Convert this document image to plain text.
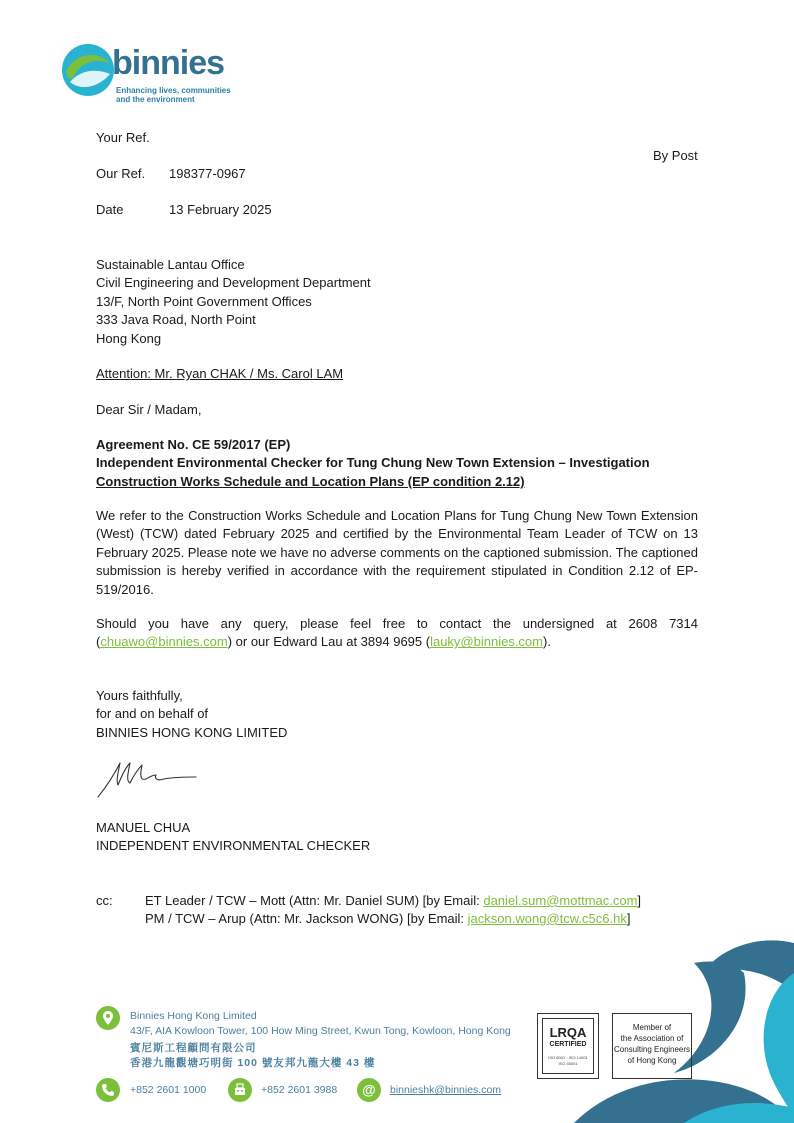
binnies
Enhancing lives, communities
and the environment
Your Ref.
By Post
Our Ref. 198377-0967
Date	13 February 2025
Sustainable Lantau Office
Civil Engineering and Development Department
13/F, North Point Government Offices
333 Java Road, North Point
Hong Kong
Attention: Mr. Ryan CHAK / Ms. Carol LAM
Dear Sir / Madam,
Agreement No. CE 59/2017 (EP)
Independent Environmental Checker for Tung Chung New Town Extension – Investigation
Construction Works Schedule and Location Plans (EP condition 2.12)

We refer to the Construction Works Schedule and Location Plans for Tung Chung New Town Extension (West) (TCW) dated February 2025 and certified by the Environmental Team Leader of TCW on 13 February 2025. Please note we have no adverse comments on the captioned submission. The captioned submission is hereby verified in accordance with the requirement stipulated in Condition 2.12 of EP-519/2016.

Should you have any query, please feel free to contact the undersigned at 2608 7314 (chuawo@binnies.com) or our Edward Lau at 3894 9695 (lauky@binnies.com).

Yours faithfully,
for and on behalf of
BINNIES HONG KONG LIMITED
MANUEL CHUA
INDEPENDENT ENVIRONMENTAL CHECKER
cc: ET Leader / TCW – Mott (Attn: Mr. Daniel SUM) [by Email: daniel.sum@mottmac.com]
PM / TCW – Arup (Attn: Mr. Jackson WONG) [by Email: jackson.wong@tcw.c5c6.hk]
Binnies Hong Kong Limited
43/F, AIA Kowloon Tower, 100 How Ming Street, Kwun Tong, Kowloon, Hong Kong
賓尼斯工程顧問有限公司
香港九龍觀塘巧明街 100 號友邦九龍大樓 43 樓
+852 2601 1000	+852 2601 3988 @ binnieshk@binnies.com
LRQA
CERTIFIED
ISO 9001 · ISO 14001
ISO 45001
Member of
the Association of
Consulting Engineers
of Hong Kong
